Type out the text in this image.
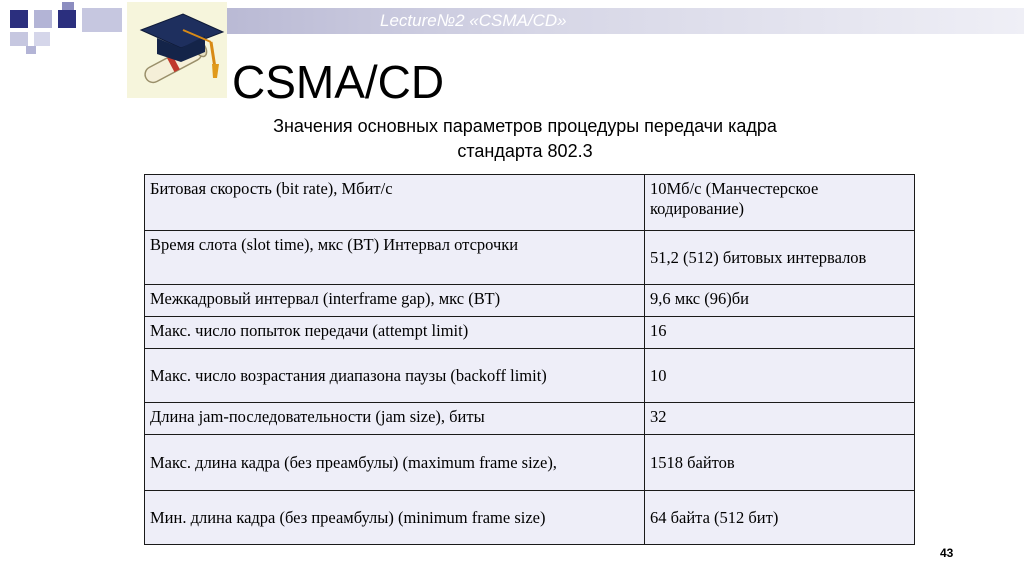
Lecture№2 «CSMA/CD»
CSMA/CD
Значения основных параметров процедуры передачи кадра
стандарта 802.3
Битовая скорость (bit rate), Мбит/с	10Мб/с (Манчестерское кодирование)
Время слота (slot time), мкс (ВТ) Интервал отсрочки	51,2 (512) битовых интервалов
Межкадровый интервал (interframe gap), мкс (ВТ)	9,6 мкс (96)би
Макс. число попыток передачи (attempt limit)	16
Макс. число возрастания диапазона паузы (backoff limit)	10
Длина jam-последовательности (jam size), биты	32
Макс. длина кадра (без преамбулы) (maximum frame size),	1518 байтов
Мин. длина кадра (без преамбулы) (minimum frame size)	64 байта (512 бит)
43
